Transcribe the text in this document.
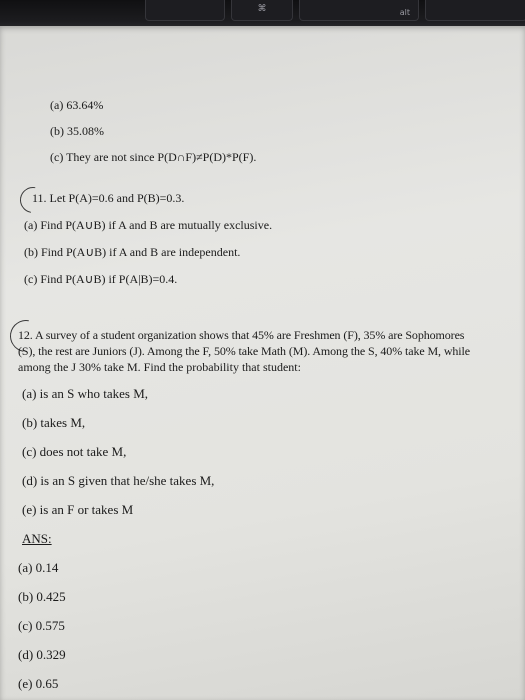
⌘	alt
(a) 63.64%
(b) 35.08%
(c) They are not since P(D∩F)≠P(D)*P(F).
11. Let P(A)=0.6 and P(B)=0.3.
(a) Find P(A∪B) if A and B are mutually exclusive.
(b) Find P(A∪B) if A and B are independent.
(c) Find P(A∪B) if P(A|B)=0.4.
12. A survey of a student organization shows that 45% are Freshmen (F), 35% are Sophomores
(S), the rest are Juniors (J). Among the F, 50% take Math (M). Among the S, 40% take M, while
among the J 30% take M. Find the probability that student:
(a) is an S who takes M,
(b) takes M,
(c) does not take M,
(d) is an S given that he/she takes M,
(e) is an F or takes M
ANS:
(a) 0.14
(b) 0.425
(c) 0.575
(d) 0.329
(e) 0.65
